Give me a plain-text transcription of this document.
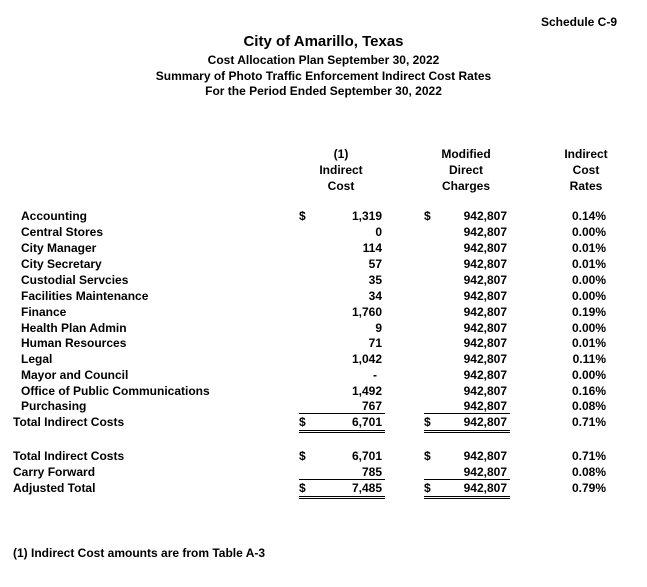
Schedule C-9
City of Amarillo, Texas
Cost Allocation Plan September 30, 2022
Summary of Photo Traffic Enforcement Indirect Cost Rates
For the Period Ended September 30, 2022
(1)
Indirect
Cost
Modified
Direct
Charges
Indirect
Cost
Rates
Accounting	$	1,319	$	942,807	0.14%
Central Stores	0	942,807	0.00%
City Manager	114	942,807	0.01%
City Secretary	57	942,807	0.01%
Custodial Servcies	35	942,807	0.00%
Facilities Maintenance	34	942,807	0.00%
Finance	1,760	942,807	0.19%
Health Plan Admin	9	942,807	0.00%
Human Resources	71	942,807	0.01%
Legal	1,042	942,807	0.11%
Mayor and Council	-	942,807	0.00%
Office of Public Communications	1,492	942,807	0.16%
Purchasing	767	942,807	0.08%
Total Indirect Costs	$	6,701	$	942,807	0.71%
Total Indirect Costs	$	6,701	$	942,807	0.71%
Carry Forward	785	942,807	0.08%
Adjusted Total	$	7,485	$	942,807	0.79%
(1) Indirect Cost amounts are from Table A-3
